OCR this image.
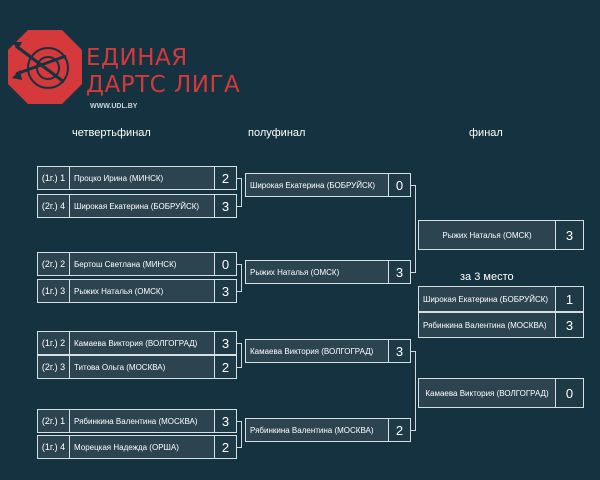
ЕДИНАЯ
ДАРТС ЛИГА
WWW.UDL.BY
четвертьфинал	полуфинал	финал
(1г.) 1	Процко Ирина (МИНСК)	2
(2г.) 4	Широкая Екатерина (БОБРУЙСК)	3
(2г.) 2	Бертош Светлана (МИНСК)	0
(1г.) 3	Рыжих Наталья (ОМСК)	3
(1г.) 2	Камаева Виктория (ВОЛГОГРАД)	3
(2г.) 3	Титова Ольга (МОСКВА)	2
(2г.) 1	Рябинкина Валентина (МОСКВА)	3
(1г.) 4	Морецкая Надежда (ОРША)	2
Широкая Екатерина (БОБРУЙСК)	0
Рыжих Наталья (ОМСК)	3
Камаева Виктория (ВОЛГОГРАД)	3
Рябинкина Валентина (МОСКВА)	2
Рыжих Наталья (ОМСК)	3
Камаева Виктория (ВОЛГОГРАД)	0
за 3 место
Широкая Екатерина (БОБРУЙСК)	1
Рябинкина Валентина (МОСКВА)	3
